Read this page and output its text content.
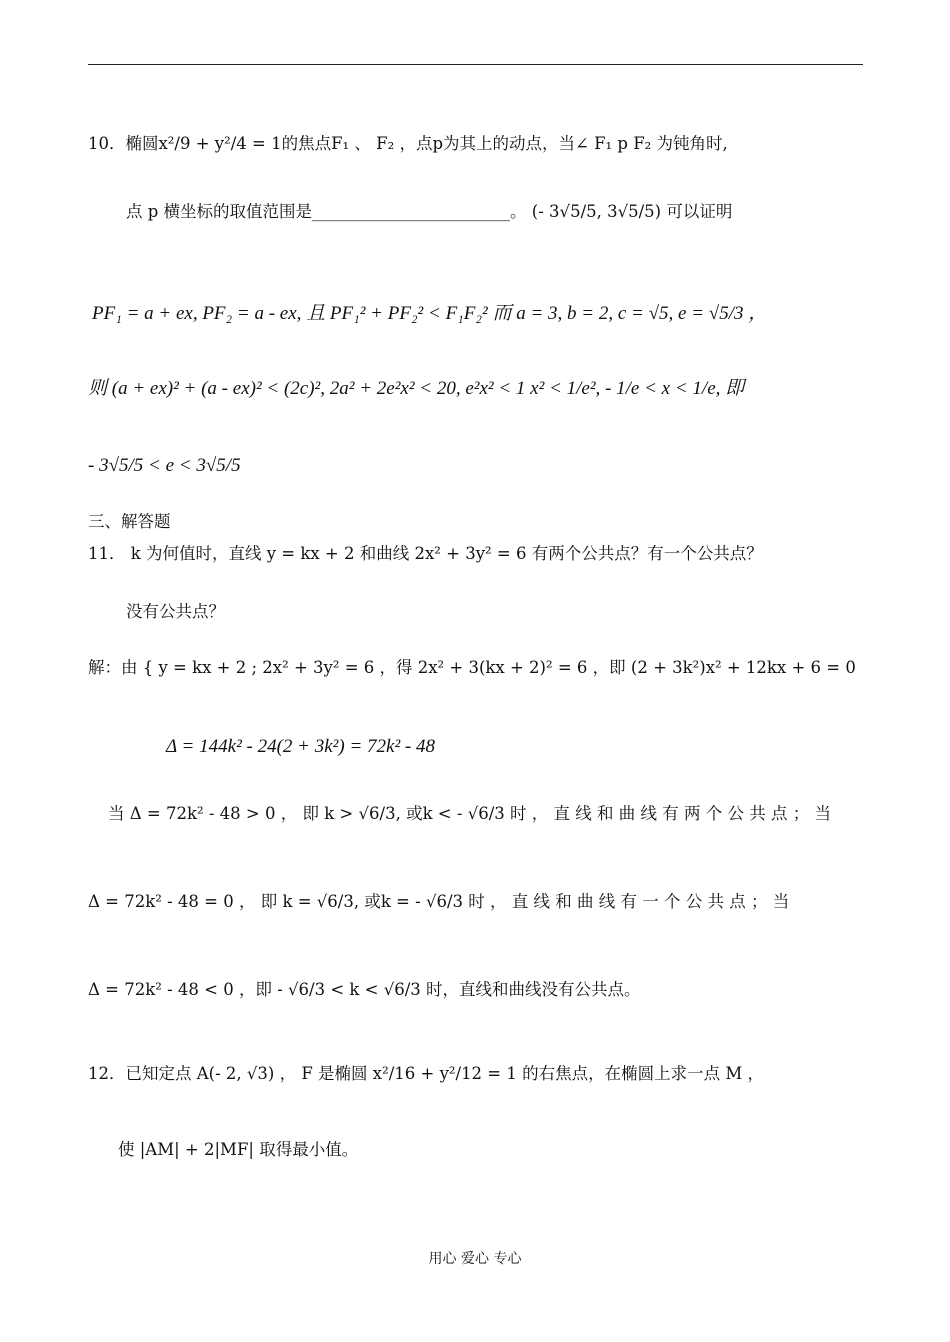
10．椭圆x²/9 + y²/4 = 1的焦点F₁ 、 F₂ ，点p为其上的动点，当∠ F₁ p F₂ 为钝角时,
点 p 横坐标的取值范围是________________________。 (- 3√5/5, 3√5/5) 可以证明
PF₁ = a + ex, PF₂ = a - ex, 且 PF₁² + PF₂² < F₁F₂² 而 a = 3, b = 2, c = √5, e = √5/3 ，
则 (a + ex)² + (a - ex)² < (2c)², 2a² + 2e²x² < 20, e²x² < 1 x² < 1/e², - 1/e < x < 1/e, 即
- 3√5/5 < e < 3√5/5
三、解答题
11． k 为何值时，直线 y = kx + 2 和曲线 2x² + 3y² = 6 有两个公共点？有一个公共点？
没有公共点？
解：由 { y = kx + 2 ; 2x² + 3y² = 6 ，得 2x² + 3(kx + 2)² = 6 ，即 (2 + 3k²)x² + 12kx + 6 = 0
Δ = 144k² - 24(2 + 3k²) = 72k² - 48
当 Δ = 72k² - 48 > 0 ， 即 k > √6/3, 或k < - √6/3 时 ， 直 线 和 曲 线 有 两 个 公 共 点 ； 当
Δ = 72k² - 48 = 0 ， 即 k = √6/3, 或k = - √6/3 时 ， 直 线 和 曲 线 有 一 个 公 共 点 ； 当
Δ = 72k² - 48 < 0 ，即 - √6/3 < k < √6/3 时，直线和曲线没有公共点。
12．已知定点 A(- 2, √3) ， F 是椭圆 x²/16 + y²/12 = 1 的右焦点，在椭圆上求一点 M ，
使 |AM| + 2|MF| 取得最小值。
用心 爱心 专心
